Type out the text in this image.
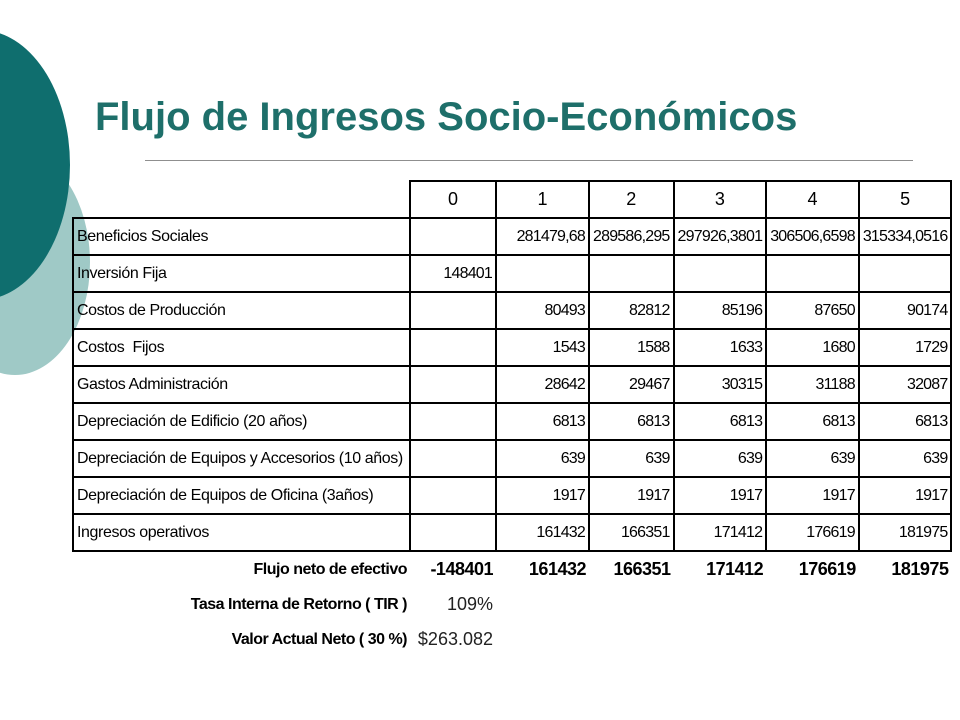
Flujo de Ingresos Socio-Económicos
	0	1	2	3	4	5
Beneficios Sociales		281479,68	289586,295	297926,3801	306506,6598	315334,0516
Inversión Fija	148401					
Costos de Producción		80493	82812	85196	87650	90174
Costos  Fijos		1543	1588	1633	1680	1729
Gastos Administración		28642	29467	30315	31188	32087
Depreciación de Edificio (20 años)		6813	6813	6813	6813	6813
Depreciación de Equipos y Accesorios (10 años)		639	639	639	639	639
Depreciación de Equipos de Oficina (3años)		1917	1917	1917	1917	1917
Ingresos operativos		161432	166351	171412	176619	181975
Flujo neto de efectivo	-148401	161432	166351	171412	176619	181975
Tasa Interna de Retorno ( TIR )	109%					
Valor Actual Neto ( 30 %)	$263.082					
